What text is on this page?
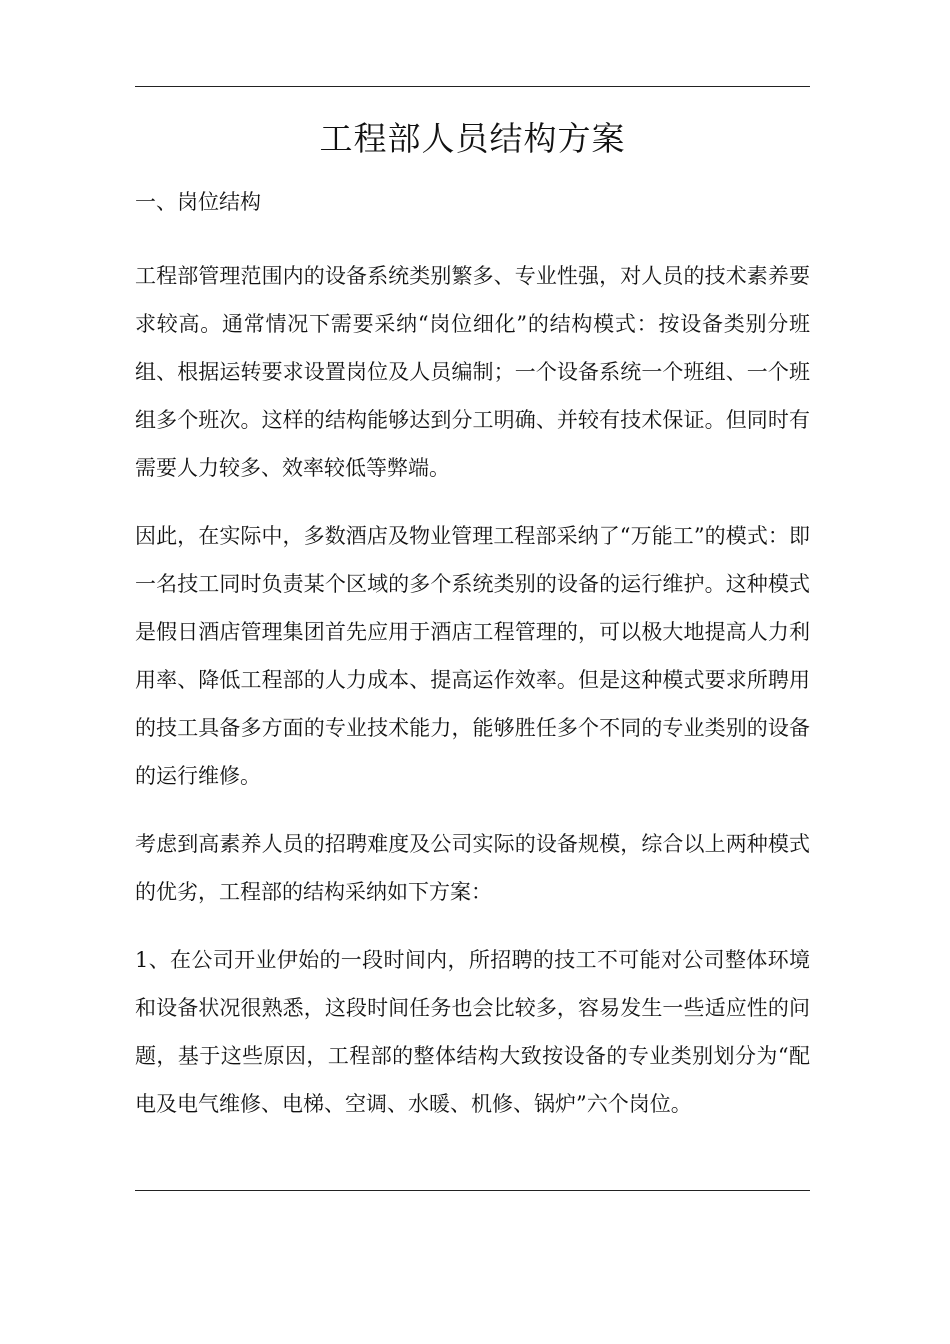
工程部人员结构方案

一、岗位结构

工程部管理范围内的设备系统类别繁多、专业性强，对人员的技术素养要求较高。通常情况下需要采纳“岗位细化”的结构模式：按设备类别分班组、根据运转要求设置岗位及人员编制；一个设备系统一个班组、一个班组多个班次。这样的结构能够达到分工明确、并较有技术保证。但同时有需要人力较多、效率较低等弊端。

因此，在实际中，多数酒店及物业管理工程部采纳了“万能工”的模式：即一名技工同时负责某个区域的多个系统类别的设备的运行维护。这种模式是假日酒店管理集团首先应用于酒店工程管理的，可以极大地提高人力利用率、降低工程部的人力成本、提高运作效率。但是这种模式要求所聘用的技工具备多方面的专业技术能力，能够胜任多个不同的专业类别的设备的运行维修。

考虑到高素养人员的招聘难度及公司实际的设备规模，综合以上两种模式的优劣，工程部的结构采纳如下方案：

1、在公司开业伊始的一段时间内，所招聘的技工不可能对公司整体环境和设备状况很熟悉，这段时间任务也会比较多，容易发生一些适应性的问题，基于这些原因，工程部的整体结构大致按设备的专业类别划分为“配电及电气维修、电梯、空调、水暖、机修、锅炉”六个岗位。
